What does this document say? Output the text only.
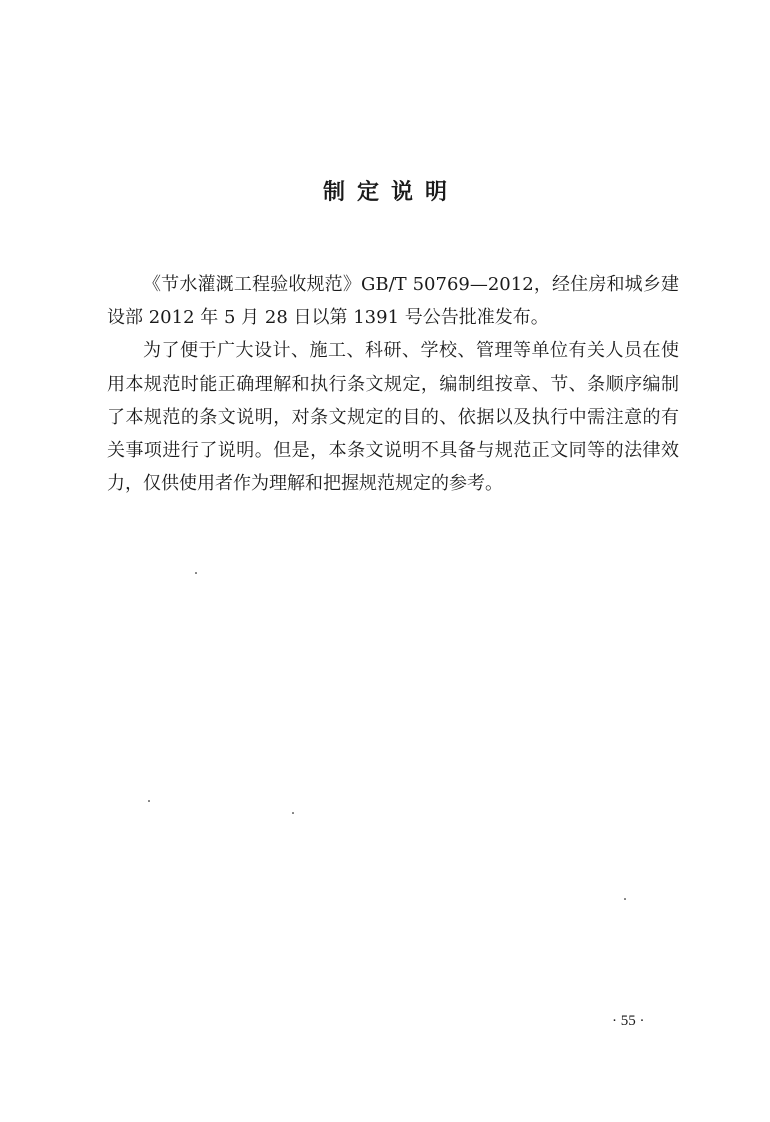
制定说明

《节水灌溉工程验收规范》GB/T 50769—2012，经住房和城乡建设部 2012 年 5 月 28 日以第 1391 号公告批准发布。

为了便于广大设计、施工、科研、学校、管理等单位有关人员在使用本规范时能正确理解和执行条文规定，编制组按章、节、条顺序编制了本规范的条文说明，对条文规定的目的、依据以及执行中需注意的有关事项进行了说明。但是，本条文说明不具备与规范正文同等的法律效力，仅供使用者作为理解和把握规范规定的参考。

· 55 ·
